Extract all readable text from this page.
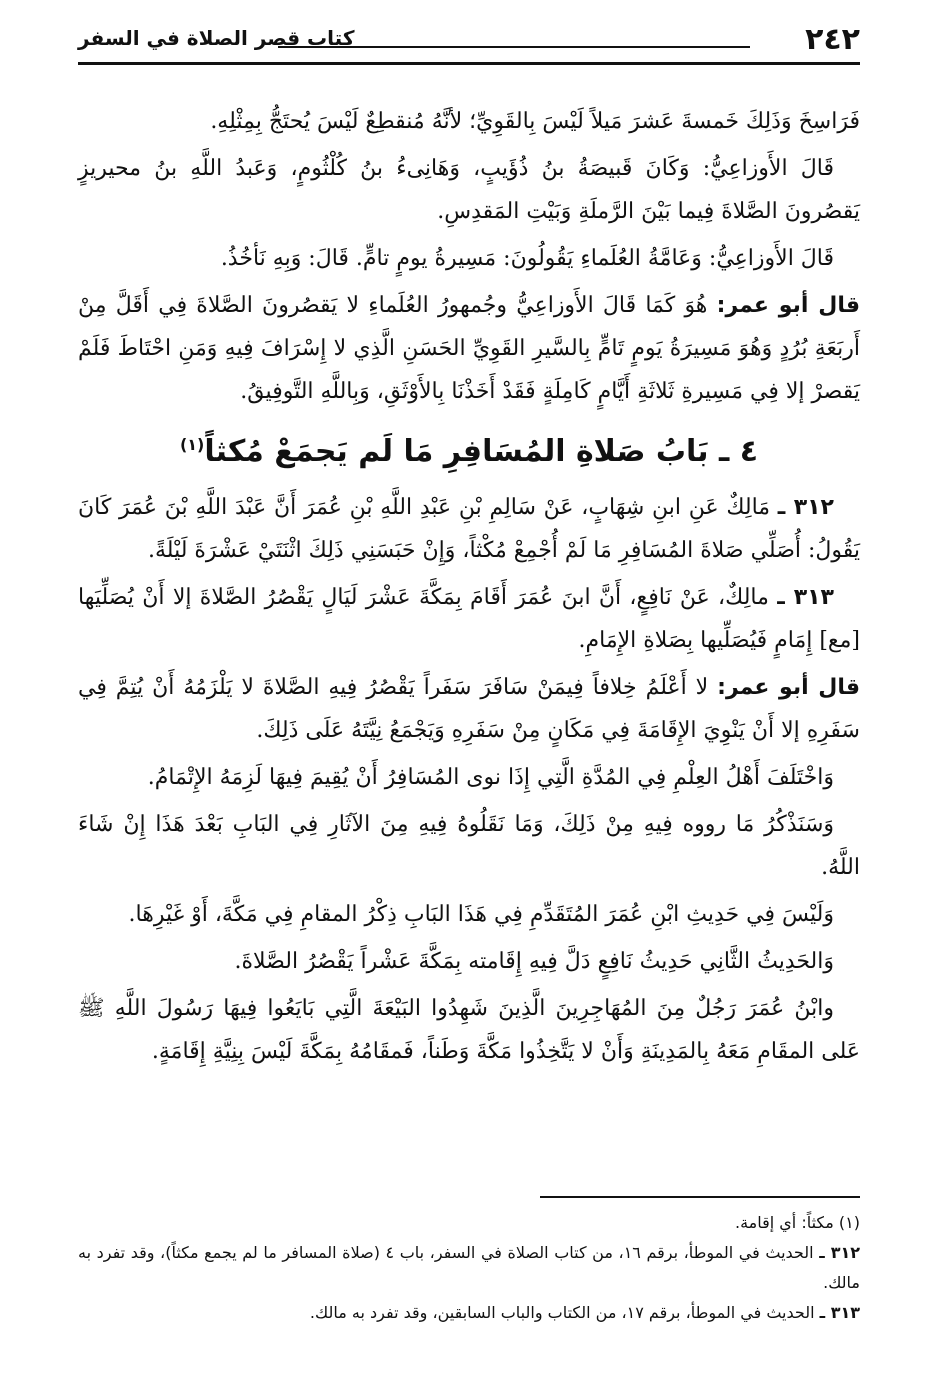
٢٤٢
كتاب قصر الصلاة في السفر

فَرَاسِخَ وَذَلِكَ خَمسةَ عَشرَ مَيلاً لَيْسَ بِالقَوِيِّ؛ لأنَّهُ مُنقطِعٌ لَيْسَ يُحتَجُّ بِمِثْلِهِ.

قَالَ الأَوزاعِيُّ: وَكَانَ قَبيصَةُ بنُ ذُؤَيبٍ، وَهَانِىءُ بنُ كُلْثُومٍ، وَعَبدُ اللَّهِ بنُ محيريزٍ يَقصُرونَ الصَّلاةَ فِيما بَيْنَ الرَّملَةِ وَبَيْتِ المَقدِسِ.

قَالَ الأَوزاعِيُّ: وَعَامَّةُ العُلَماءِ يَقُولُونَ: مَسِيرةُ يومٍ تامٍّ. قَالَ: وَبِهِ نَأخُذُ.

قال أبو عمر: هُوَ كَمَا قَالَ الأَوزاعِيُّ وجُمهورُ العُلَماءِ لا يَقصُرونَ الصَّلاةَ فِي أَقَلَّ مِنْ أَربَعَةِ بُرُدٍ وَهُوَ مَسِيرَةُ يَومٍ تَامٍّ بِالسَّيرِ القَوِيِّ الحَسَنِ الَّذِي لا إِسْرَافَ فِيهِ وَمَنِ احْتَاطَ فَلَمْ يَقصرْ إلا فِي مَسِيرةِ ثَلاثَةِ أَيَّامٍ كَامِلَةٍ فَقَدْ أَخَذْنَا بِالأَوْثَقِ، وَبِاللَّهِ التَّوفِيقُ.

٤ ـ بَابُ صَلاةِ المُسَافِرِ مَا لَم يَجمَعْ مُكثاً$^{(١)}$

٣١٢ ـ مَالِكٌ عَنِ ابنِ شِهَابٍ، عَنْ سَالِمِ بْنِ عَبْدِ اللَّهِ بْنِ عُمَرَ أَنَّ عَبْدَ اللَّهِ بْنَ عُمَرَ كَانَ يَقُولُ: أُصَلِّي صَلاةَ المُسَافِرِ مَا لَمْ أُجْمِعْ مُكْثاً، وَإِنْ حَبَسَنِي ذَلِكَ اثْنَتَيْ عَشْرَةَ لَيْلَةً.

٣١٣ ـ مالِكٌ، عَنْ نَافِعٍ، أَنَّ ابنَ عُمَرَ أَقَامَ بِمَكَّةَ عَشْرَ لَيَالٍ يَقْصُرُ الصَّلاةَ إلا أَنْ يُصَلِّيَها [مع] إِمَامٍ فَيُصَلِّيها بِصَلاةِ الإِمَامِ.

قال أبو عمر: لا أَعْلَمُ خِلافاً فِيمَنْ سَافَرَ سَفَراً يَقْصُرُ فِيهِ الصَّلاةَ لا يَلْزَمُهُ أَنْ يُتِمَّ فِي سَفَرِهِ إلا أَنْ يَنْوِيَ الإِقَامَةَ فِي مَكَانٍ مِنْ سَفَرِهِ وَيَجْمَعُ نِيَّتَهُ عَلَى ذَلِكَ.

وَاخْتَلَفَ أَهْلُ العِلْمِ فِي المُدَّةِ الَّتِي إِذَا نوى المُسَافِرُ أَنْ يُقِيمَ فِيهَا لَزِمَهُ الإِتْمَامُ.

وَسَنَذْكُرُ مَا رووه فِيهِ مِنْ ذَلِكَ، وَمَا نَقَلُوهُ فِيهِ مِنَ الآثَارِ فِي البَابِ بَعْدَ هَذَا إِنْ شَاءَ اللَّهُ.

وَلَيْسَ فِي حَدِيثِ ابْنِ عُمَرَ المُتَقَدِّمِ فِي هَذَا البَابِ ذِكْرُ المقامِ فِي مَكَّةَ، أَوْ غَيْرِهَا.

وَالحَدِيثُ الثَّانِي حَدِيثُ نَافِعٍ دَلَّ فِيهِ إِقَامته بِمَكَّةَ عَشْراً يَقْصُرُ الصَّلاةَ.

وابْنُ عُمَرَ رَجُلٌ مِنَ المُهَاجِرِينَ الَّذِينَ شَهِدُوا البَيْعَةَ الَّتِي بَايَعُوا فِيهَا رَسُولَ اللَّهِ ﷺ عَلى المقَامِ مَعَهُ بِالمَدِينَةِ وَأَنْ لا يَتَّخِذُوا مَكَّةَ وَطَناً، فَمقَامُهُ بِمَكَّةَ لَيْسَ بِنِيَّةِ إِقَامَةٍ.

(١) مكثاً: أي إقامة.

٣١٢ ـ الحديث في الموطأ، برقم ١٦، من كتاب الصلاة في السفر، باب ٤ (صلاة المسافر ما لم يجمع مكثاً)، وقد تفرد به مالك.

٣١٣ ـ الحديث في الموطأ، برقم ١٧، من الكتاب والباب السابقين، وقد تفرد به مالك.
